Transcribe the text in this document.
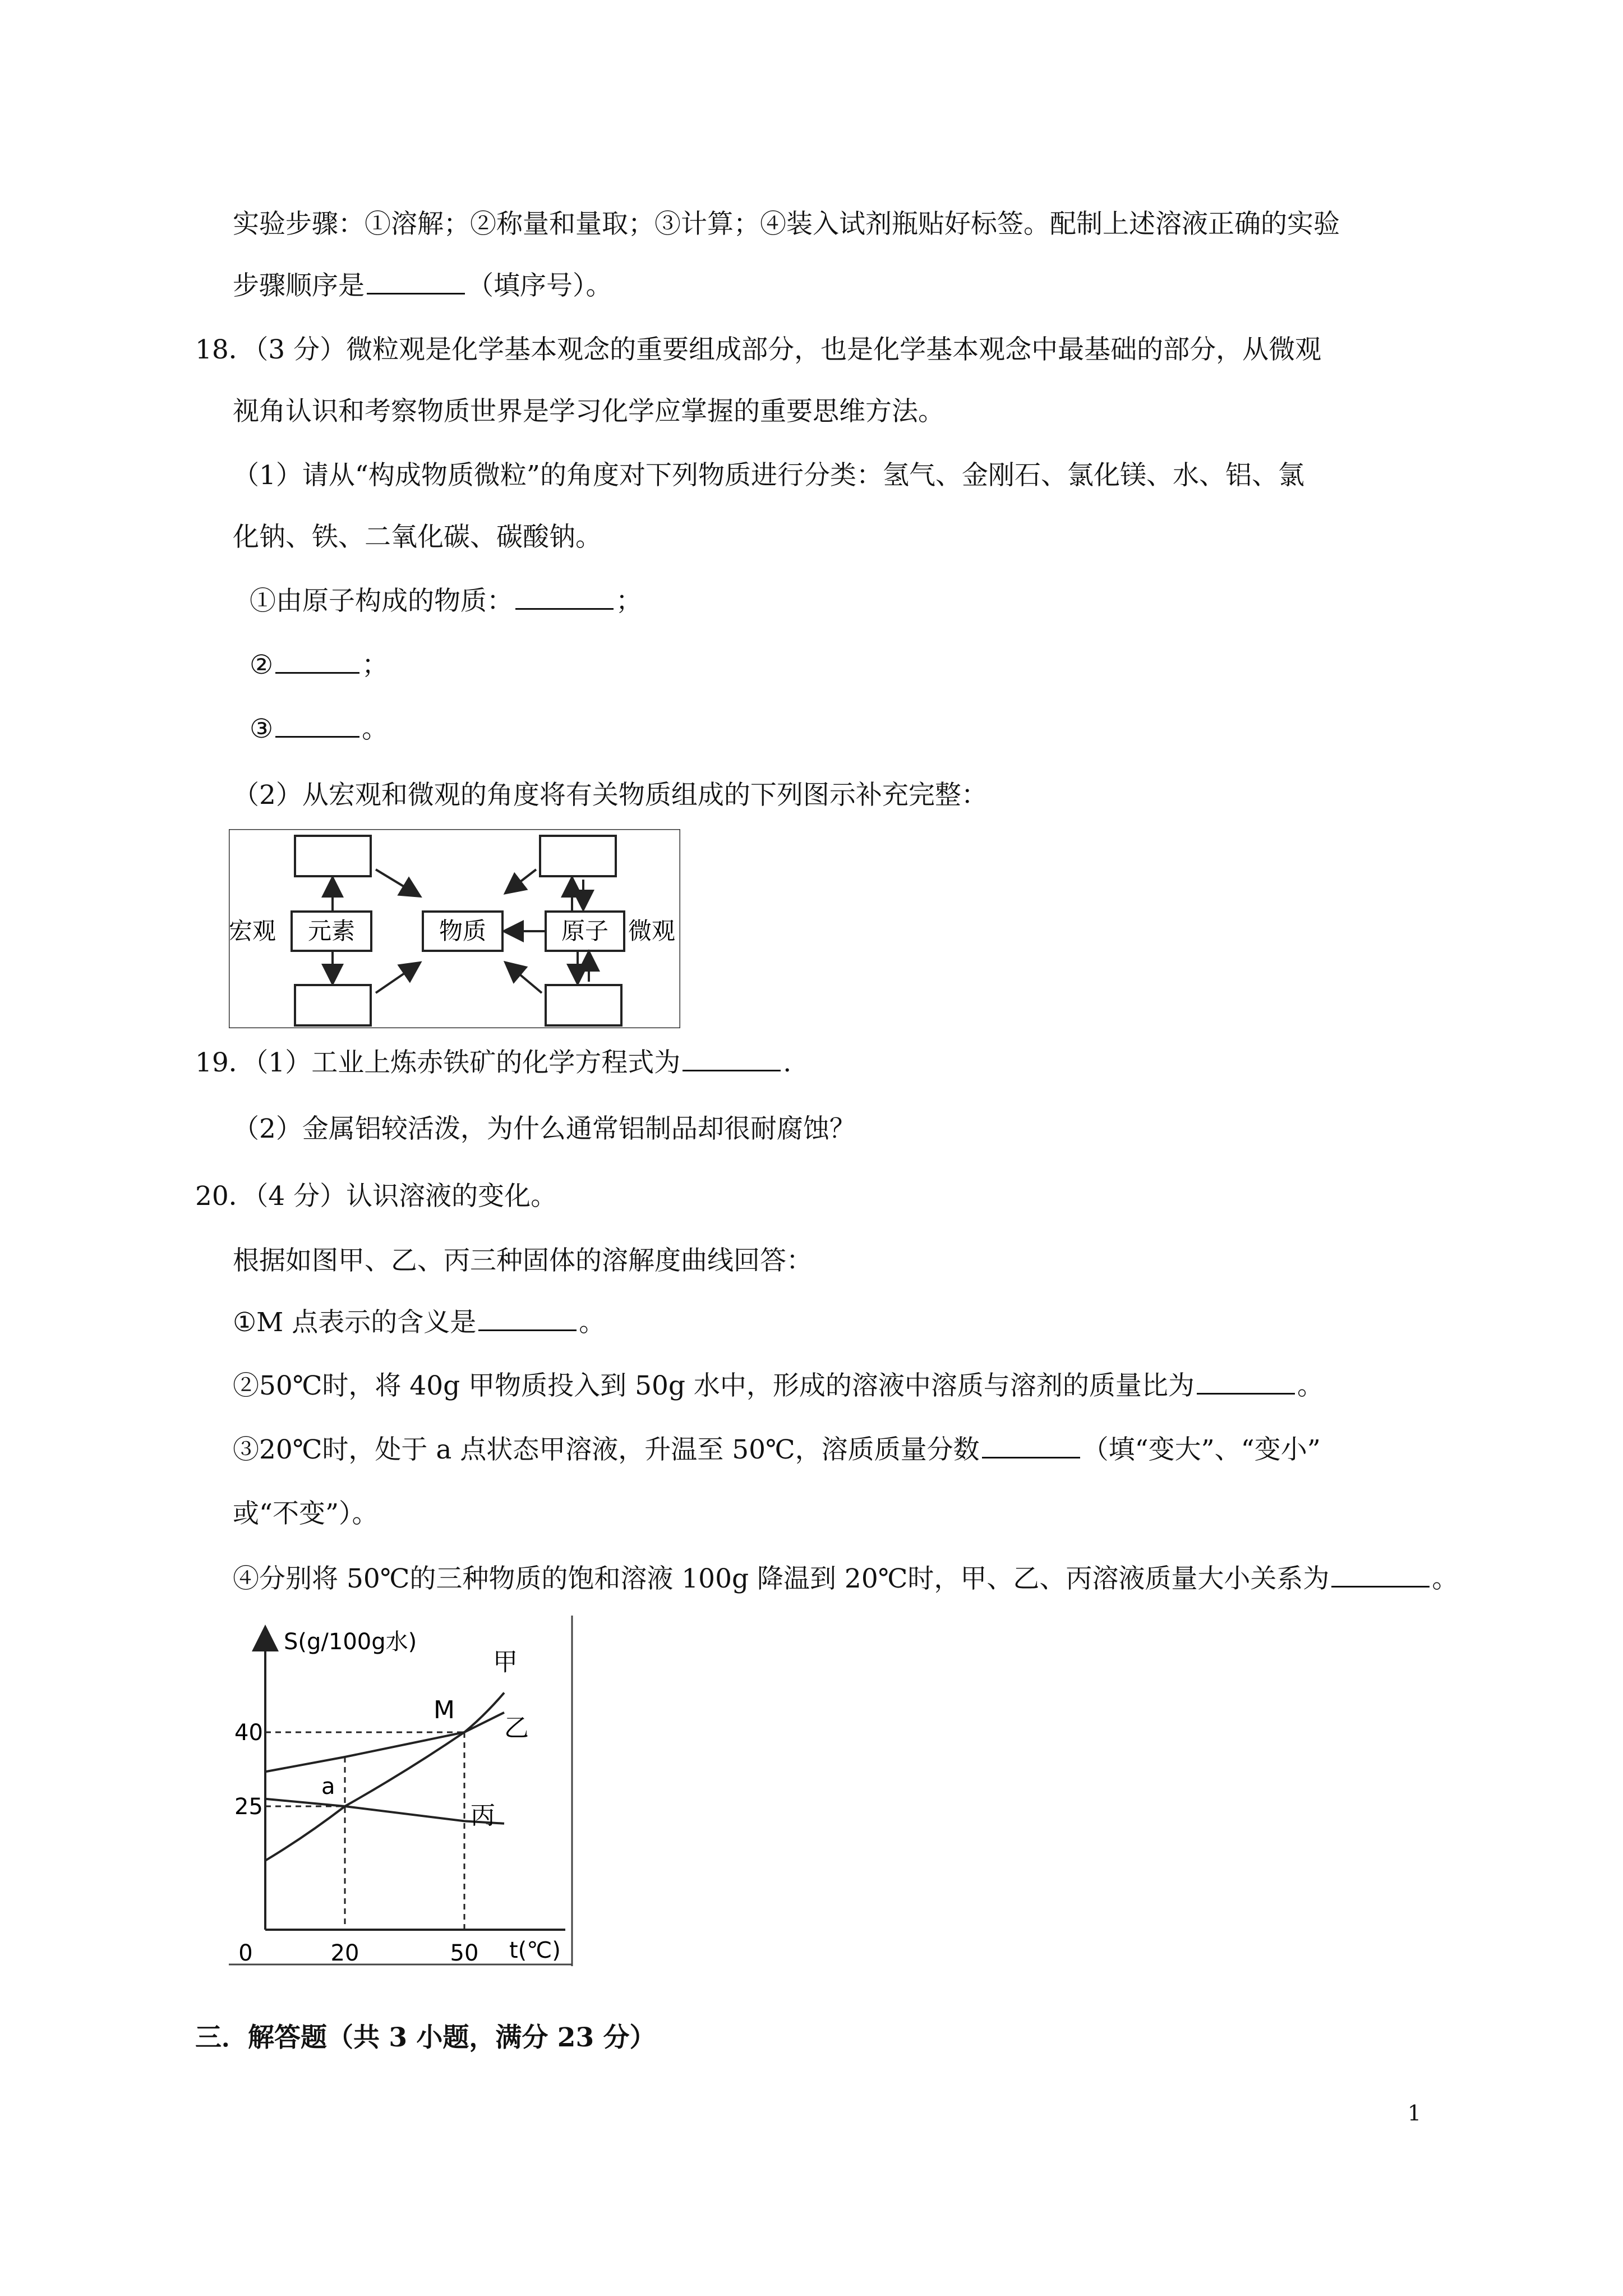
实验步骤：①溶解；②称量和量取；③计算；④装入试剂瓶贴好标签。配制上述溶液正确的实验
步骤顺序是	（填序号）。
18．（3 分）微粒观是化学基本观念的重要组成部分，也是化学基本观念中最基础的部分，从微观
视角认识和考察物质世界是学习化学应掌握的重要思维方法。
（1）请从“构成物质微粒”的角度对下列物质进行分类：氢气、金刚石、氯化镁、水、铝、氯
化钠、铁、二氧化碳、碳酸钠。
①由原子构成的物质：	；
②	；
③	。
（2）从宏观和微观的角度将有关物质组成的下列图示补充完整：
宏观 元素	物质	原子 微观
19．（1）工业上炼赤铁矿的化学方程式为	.
（2）金属铝较活泼，为什么通常铝制品却很耐腐蚀？
20．（4 分）认识溶液的变化。
根据如图甲、乙、丙三种固体的溶解度曲线回答：
①M 点表示的含义是	。
②50℃时，将 40g 甲物质投入到 50g 水中，形成的溶液中溶质与溶剂的质量比为	。
③20℃时，处于 a 点状态甲溶液，升温至 50℃，溶质质量分数	（填“变大”、“变小”
或“不变”）。
④分别将 50℃的三种物质的饱和溶液 100g 降温到 20℃时，甲、乙、丙溶液质量大小关系为	。
S(g/100g水)
t(℃)
0	20	50
25
40
甲
乙
丙
M
a
三．解答题（共 3 小题，满分 23 分）
1
